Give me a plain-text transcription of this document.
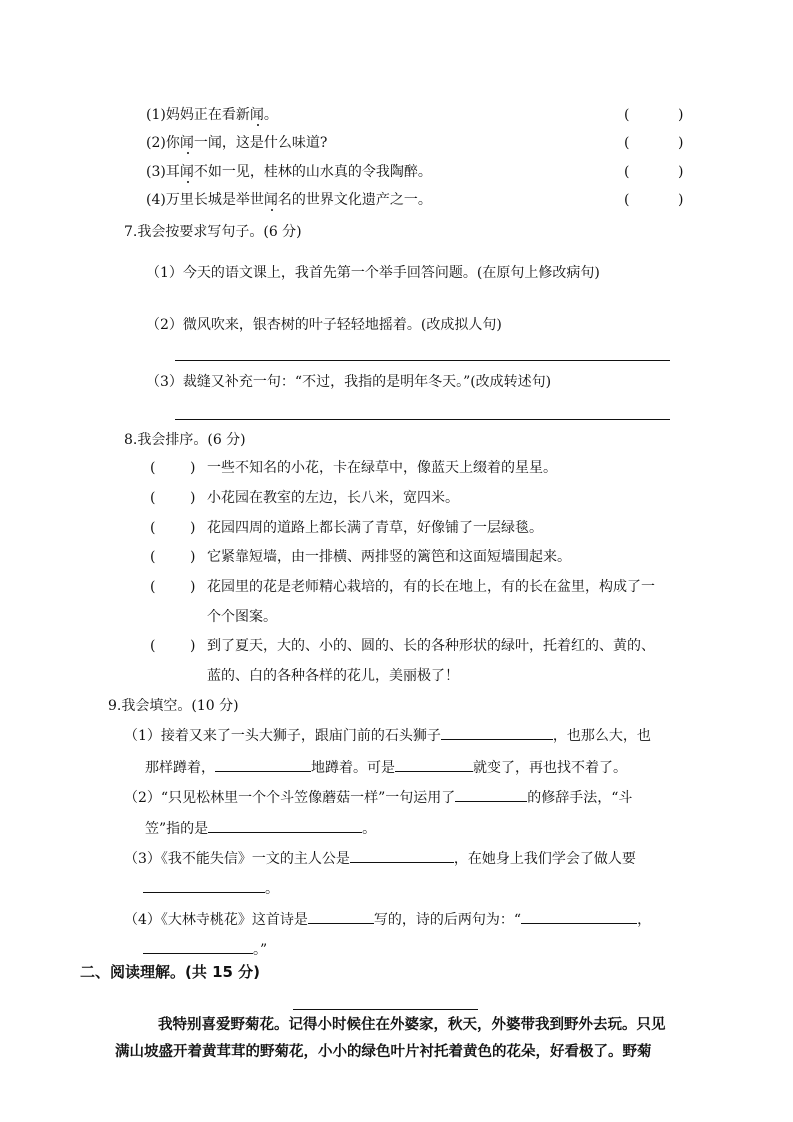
(1)妈妈正在看新闻。
(2)你闻一闻，这是什么味道?
(3)耳闻不如一见，桂林的山水真的令我陶醉。
(4)万里长城是举世闻名的世界文化遗产之一。
(	)
(	)
(	)
(	)
7.我会按要求写句子。(6 分)
（1）今天的语文课上，我首先第一个举手回答问题。(在原句上修改病句)
（2）微风吹来，银杏树的叶子轻轻地摇着。(改成拟人句)
（3）裁缝又补充一句：“不过，我指的是明年冬天。”(改成转述句)
8.我会排序。(6 分)
( ) 一些不知名的小花，卡在绿草中，像蓝天上缀着的星星。
( ) 小花园在教室的左边，长八米，宽四米。
( ) 花园四周的道路上都长满了青草，好像铺了一层绿毯。
( ) 它紧靠短墙，由一排横、两排竖的篱笆和这面短墙围起来。
( ) 花园里的花是老师精心栽培的，有的长在地上，有的长在盆里，构成了一
个个图案。
( ) 到了夏天，大的、小的、圆的、长的各种形状的绿叶，托着红的、黄的、
蓝的、白的各种各样的花儿，美丽极了！
9.我会填空。(10 分)
（1）接着又来了一头大狮子，跟庙门前的石头狮子	，也那么大，也
那样蹲着，	地蹲着。可是	就变了，再也找不着了。
（2）“只见松林里一个个斗笠像蘑菇一样”一句运用了	的修辞手法，“斗
笠”指的是	。
（3）《我不能失信》一文的主人公是	，在她身上我们学会了做人要
。
（4）《大林寺桃花》这首诗是	写的，诗的后两句为：“	，
。”
二、阅读理解。(共 15 分)
我特别喜爱野菊花。记得小时候住在外婆家，秋天，外婆带我到野外去玩。只见
满山坡盛开着黄茸茸的野菊花，小小的绿色叶片衬托着黄色的花朵，好看极了。野菊
